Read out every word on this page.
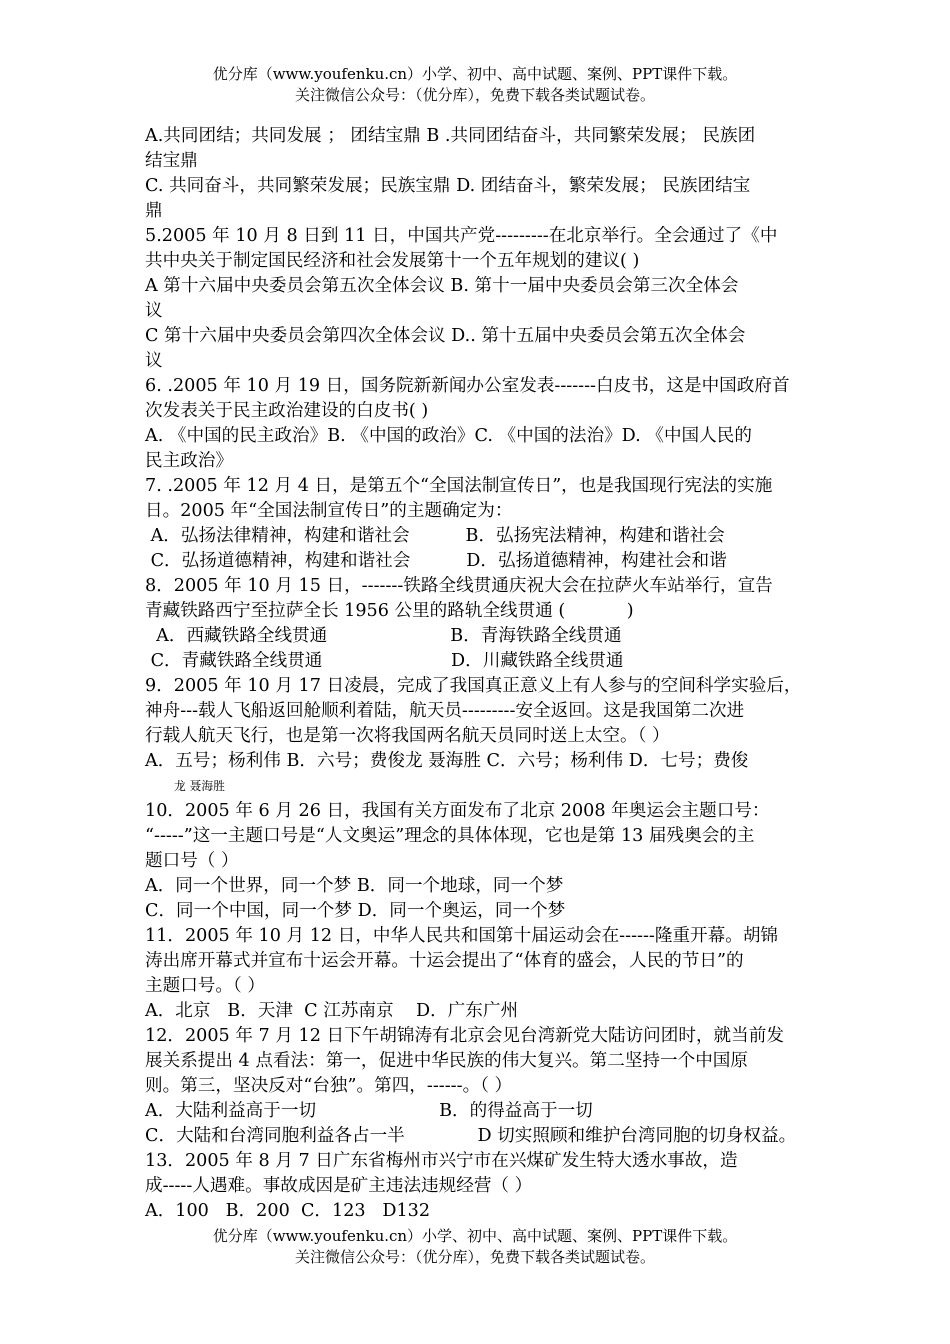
优分库（www.youfenku.cn）小学、初中、高中试题、案例、PPT课件下载。
关注微信公众号：（优分库），免费下载各类试题试卷。
A.共同团结；共同发展 ； 团结宝鼎 B .共同团结奋斗，共同繁荣发展； 民族团
结宝鼎
C. 共同奋斗，共同繁荣发展；民族宝鼎 D. 团结奋斗，繁荣发展； 民族团结宝
鼎
5.2005 年 10 月 8 日到 11 日，中国共产党---------在北京举行。全会通过了《中
共中央关于制定国民经济和社会发展第十一个五年规划的建议( )
A 第十六届中央委员会第五次全体会议 B. 第十一届中央委员会第三次全体会
议
C 第十六届中央委员会第四次全体会议 D.. 第十五届中央委员会第五次全体会
议
6. .2005 年 10 月 19 日，国务院新新闻办公室发表-------白皮书，这是中国政府首
次发表关于民主政治建设的白皮书( )
A. 《中国的民主政治》B. 《中国的政治》C. 《中国的法治》D. 《中国人民的
民主政治》
7. .2005 年 12 月 4 日，是第五个“全国法制宣传日”，也是我国现行宪法的实施
日。2005 年“全国法制宣传日”的主题确定为：
A．弘扬法律精神，构建和谐社会          B．弘扬宪法精神，构建和谐社会
C．弘扬道德精神，构建和谐社会          D．弘扬道德精神，构建社会和谐
8．2005 年 10 月 15 日，-------铁路全线贯通庆祝大会在拉萨火车站举行，宣告
青藏铁路西宁至拉萨全长 1956 公里的路轨全线贯通 (           )
A．西藏铁路全线贯通                      B．青海铁路全线贯通
C．青藏铁路全线贯通                       D．川藏铁路全线贯通
9．2005 年 10 月 17 日凌晨，完成了我国真正意义上有人参与的空间科学实验后，
神舟---载人飞船返回舱顺利着陆，航天员---------安全返回。这是我国第二次进
行载人航天飞行，也是第一次将我国两名航天员同时送上太空。（ ）
A．五号；杨利伟 B．六号；费俊龙 聂海胜 C．六号；杨利伟 D．七号；费俊
龙 聂海胜
10．2005 年 6 月 26 日，我国有关方面发布了北京 2008 年奥运会主题口号：
“-----”这一主题口号是“人文奥运”理念的具体体现，它也是第 13 届残奥会的主
题口号（ ）
A．同一个世界，同一个梦 B．同一个地球，同一个梦
C．同一个中国，同一个梦 D．同一个奥运，同一个梦
11．2005 年 10 月 12 日，中华人民共和国第十届运动会在------隆重开幕。胡锦
涛出席开幕式并宣布十运会开幕。十运会提出了“体育的盛会，人民的节日”的
主题口号。（ ）
A．北京   B．天津  C 江苏南京    D．广东广州
12．2005 年 7 月 12 日下午胡锦涛有北京会见台湾新党大陆访问团时，就当前发
展关系提出 4 点看法：第一，促进中华民族的伟大复兴。第二坚持一个中国原
则。第三，坚决反对“台独”。第四，------。（ ）
A．大陆利益高于一切                      B．的得益高于一切
C．大陆和台湾同胞利益各占一半             D 切实照顾和维护台湾同胞的切身权益。
13．2005 年 8 月 7 日广东省梅州市兴宁市在兴煤矿发生特大透水事故，造
成-----人遇难。事故成因是矿主违法违规经营（ ）
A．100   B．200  C．123   D132
优分库（www.youfenku.cn）小学、初中、高中试题、案例、PPT课件下载。
关注微信公众号：（优分库），免费下载各类试题试卷。
